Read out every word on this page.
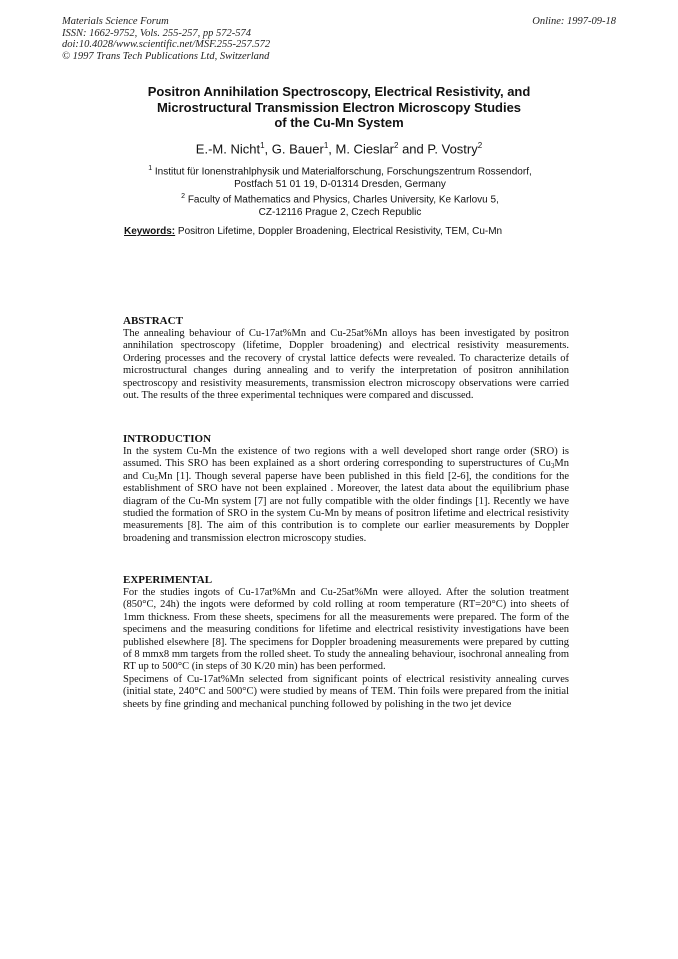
Materials Science Forum
ISSN: 1662-9752, Vols. 255-257, pp 572-574
doi:10.4028/www.scientific.net/MSF.255-257.572
© 1997 Trans Tech Publications Ltd, Switzerland
Online: 1997-09-18
Positron Annihilation Spectroscopy, Electrical Resistivity, and
Microstructural Transmission Electron Microscopy Studies
of the Cu-Mn System
E.-M. Nicht$^1$, G. Bauer$^1$, M. Cieslar$^2$ and P. Vostry$^2$
$^1$ Institut für Ionenstrahlphysik und Materialforschung, Forschungszentrum Rossendorf,
Postfach 51 01 19, D-01314 Dresden, Germany
$^2$ Faculty of Mathematics and Physics, Charles University, Ke Karlovu 5,
CZ-12116 Prague 2, Czech Republic
Keywords: Positron Lifetime, Doppler Broadening, Electrical Resistivity, TEM, Cu-Mn
ABSTRACT
The annealing behaviour of Cu-17at%Mn and Cu-25at%Mn alloys has been investigated by positron annihilation spectroscopy (lifetime, Doppler broadening) and electrical resistivity measurements. Ordering processes and the recovery of crystal lattice defects were revealed. To characterize details of microstructural changes during annealing and to verify the interpretation of positron annihilation spectroscopy and resistivity measurements, transmission electron microscopy observations were carried out. The results of the three experimental techniques were compared and discussed.
INTRODUCTION
In the system Cu-Mn the existence of two regions with a well developed short range order (SRO) is assumed. This SRO has been explained as a short ordering corresponding to superstructures of $Cu_3Mn$ and $Cu_5Mn$ [1]. Though several paperse have been published in this field [2-6], the conditions for the establishment of SRO have not been explained . Moreover, the latest data about the equilibrium phase diagram of the Cu-Mn system [7] are not fully compatible with the older findings [1]. Recently we have studied the formation of SRO in the system Cu-Mn by means of positron lifetime and electrical resistivity measurements [8]. The aim of this contribution is to complete our earlier measurements by Doppler broadening and transmission electron microscopy studies.
EXPERIMENTAL
For the studies ingots of Cu-17at%Mn and Cu-25at%Mn were alloyed. After the solution treatment (850°C, 24h) the ingots were deformed by cold rolling at room temperature (RT=20°C) into sheets of 1mm thickness. From these sheets, specimens for all the measurements were prepared. The form of the specimens and the measuring conditions for lifetime and electrical resistivity investigations have been published elsewhere [8]. The specimens for Doppler broadening measurements were prepared by cutting of 8 mmx8 mm targets from the rolled sheet. To study the annealing behaviour, isochronal annealing from RT up to 500°C (in steps of 30 K/20 min) has been performed.
Specimens of Cu-17at%Mn selected from significant points of electrical resistivity annealing curves (initial state, 240°C and 500°C) were studied by means of TEM. Thin foils were prepared from the initial sheets by fine grinding and mechanical punching followed by polishing in the two jet device
